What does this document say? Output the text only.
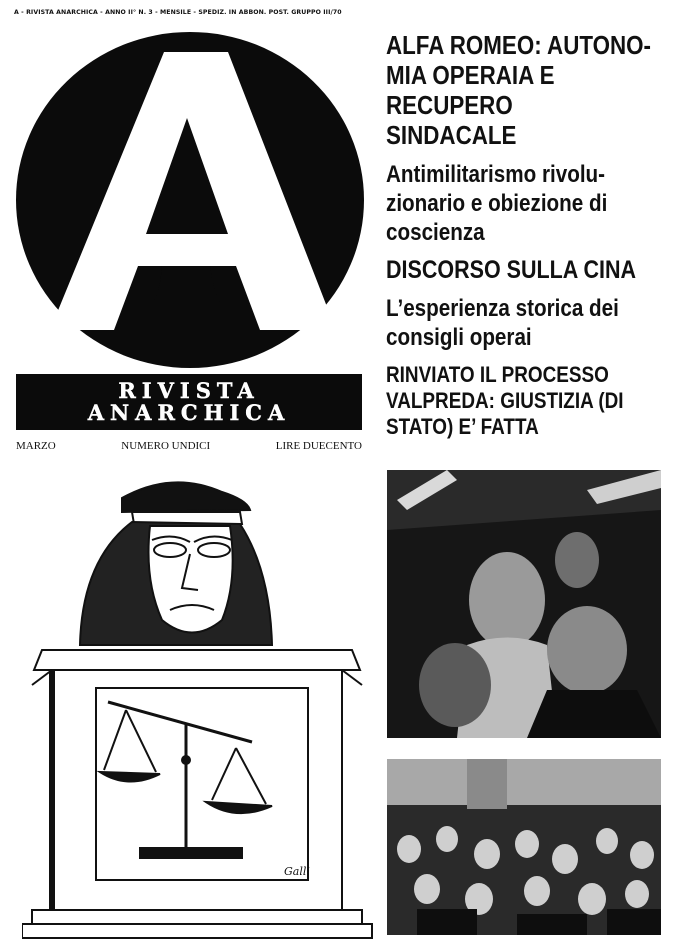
A - RIVISTA ANARCHICA - ANNO II° N. 3 - MENSILE - SPEDIZ. IN ABBON. POST. GRUPPO III/70
RIVISTA
ANARCHICA
MARZO	NUMERO UNDICI	LIRE DUECENTO
ALFA ROMEO: AUTONO-
MIA OPERAIA E RECUPERO
SINDACALE
Antimilitarismo rivolu-
zionario e obiezione di
coscienza
DISCORSO SULLA CINA
L’esperienza storica dei
consigli operai
RINVIATO IL PROCESSO
VALPREDA: GIUSTIZIA (DI
STATO) E’ FATTA
Galli
